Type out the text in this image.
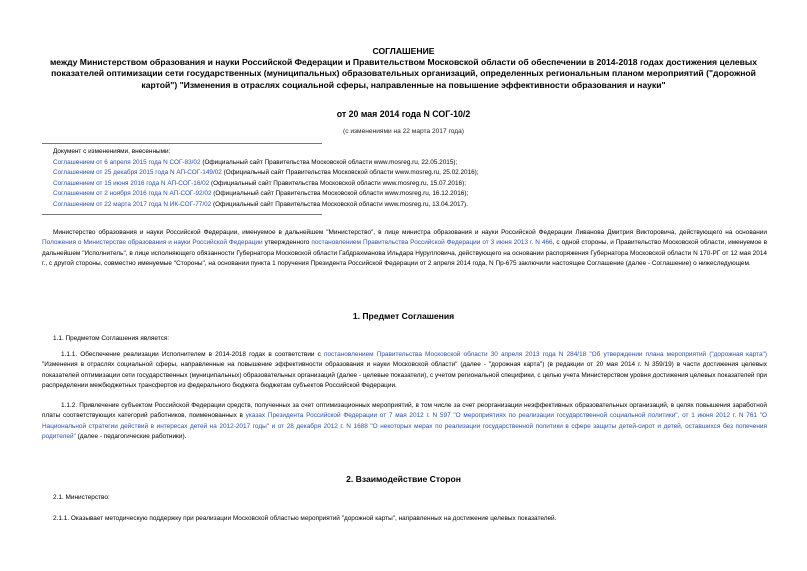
СОГЛАШЕНИЕ
между Министерством образования и науки Российской Федерации и Правительством Московской области об обеспечении в 2014-2018 годах достижения целевых показателей оптимизации сети государственных (муниципальных) образовательных организаций, определенных региональным планом мероприятий ("дорожной картой") "Изменения в отраслях социальной сферы, направленные на повышение эффективности образования и науки"
от 20 мая 2014 года N СОГ-10/2
(с изменениями на 22 марта 2017 года)
Документ с изменениями, внесенными:
Соглашением от 6 апреля 2015 года N СОГ-83/02 (Официальный сайт Правительства Московской области www.mosreg.ru, 22.05.2015);
Соглашением от 25 декабря 2015 года N АП-СОГ-149/02 (Официальный сайт Правительства Московской области www.mosreg.ru, 25.02.2016);
Соглашением от 15 июня 2016 года N АП-СОГ-16/02 (Официальный сайт Правительства Московской области www.mosreg.ru, 15.07.2016);
Соглашением от 2 ноября 2016 года N АП-СОГ-92/02 (Официальный сайт Правительства Московской области www.mosreg.ru, 16.12.2016);
Соглашением от 22 марта 2017 года N ИК-СОГ-77/02 (Официальный сайт Правительства Московской области www.mosreg.ru, 13.04.2017).
Министерство образования и науки Российской Федерации, именуемое в дальнейшем "Министерство", в лице министра образования и науки Российской Федерации Ливанова Дмитрия Викторовича, действующего на основании Положения о Министерстве образования и науки Российской Федерации утвержденного постановлением Правительства Российской Федерации от 3 июня 2013 г. N 466, с одной стороны, и Правительство Московской области, именуемое в дальнейшем "Исполнитель", в лице исполняющего обязанности Губернатора Московской области Габдрахманова Ильдара Нурулловича, действующего на основании распоряжения Губернатора Московской области N 170-РГ от 12 мая 2014 г., с другой стороны, совместно именуемые "Стороны", на основании пункта 1 поручения Президента Российской Федерации от 2 апреля 2014 года, N Пр-675 заключили настоящее Соглашение (далее - Соглашение) о нижеследующем.
1. Предмет Соглашения
1.1. Предметом Соглашения является:
1.1.1. Обеспечение реализации Исполнителем в 2014-2018 годах в соответствии с постановлением Правительства Московской области 30 апреля 2013 года N 284/18 "Об утверждении плана мероприятий ("дорожная карта") "Изменения в отраслях социальной сферы, направленные на повышение эффективности образования и науки Московской области" (далее - "дорожная карта") (в редакции от 20 мая 2014 г. N 359/19) в части достижения целевых показателей оптимизации сети государственных (муниципальных) образовательных организаций (далее - целевые показатели), с учетом региональной специфики, с целью учета Министерством уровня достижения целевых показателей при распределении межбюджетных трансфертов из федерального бюджета бюджетам субъектов Российской Федерации.
1.1.2. Привлечение субъектом Российской Федерации средств, полученных за счет оптимизационных мероприятий, в том числе за счет реорганизации неэффективных образовательных организаций, в целях повышения заработной платы соответствующих категорий работников, поименованных в указах Президента Российской Федерации от 7 мая 2012 г. N 597 "О мероприятиях по реализации государственной социальной политики", от 1 июня 2012 г. N 761 "О Национальной стратегии действий в интересах детей на 2012-2017 годы" и от 28 декабря 2012 г. N 1688 "О некоторых мерах по реализации государственной политики в сфере защиты детей-сирот и детей, оставшихся без попечения родителей" (далее - педагогические работники).
2. Взаимодействие Сторон
2.1. Министерство:
2.1.1. Оказывает методическую поддержку при реализации Московской областью мероприятий "дорожной карты", направленных на достижение целевых показателей.
